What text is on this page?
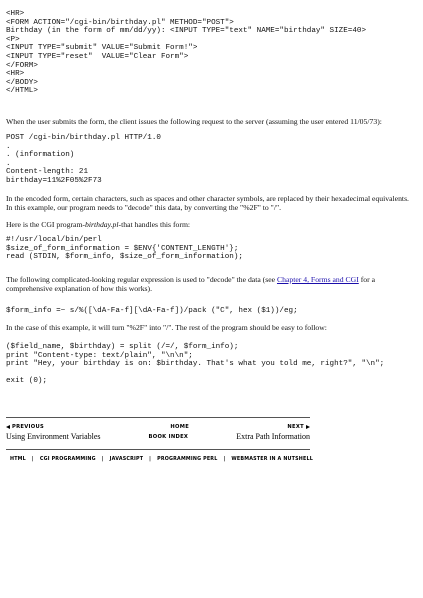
<HR>
<FORM ACTION="/cgi-bin/birthday.pl" METHOD="POST">
Birthday (in the form of mm/dd/yy): <INPUT TYPE="text" NAME="birthday" SIZE=40>
<P>
<INPUT TYPE="submit" VALUE="Submit Form!">
<INPUT TYPE="reset"  VALUE="Clear Form">
</FORM>
<HR>
</BODY>
</HTML>

When the user submits the form, the client issues the following request to the server (assuming the user entered 11/05/73):

POST /cgi-bin/birthday.pl HTTP/1.0
.
. (information)
.
Content-length: 21
birthday=11%2F05%2F73

In the encoded form, certain characters, such as spaces and other character symbols, are replaced by their hexadecimal equivalents. In this example, our program needs to "decode" this data, by converting the "%2F" to "/".

Here is the CGI program-birthday.pl-that handles this form:

#!/usr/local/bin/perl
$size_of_form_information = $ENV{'CONTENT_LENGTH'};
read (STDIN, $form_info, $size_of_form_information);

The following complicated-looking regular expression is used to "decode" the data (see Chapter 4, Forms and CGI for a comprehensive explanation of how this works).

$form_info =~ s/%([\dA-Fa-f][\dA-Fa-f])/pack ("C", hex ($1))/eg;

In the case of this example, it will turn "%2F" into "/". The rest of the program should be easy to follow:

($field_name, $birthday) = split (/=/, $form_info);
print "Content-type: text/plain", "\n\n";
print "Hey, your birthday is on: $birthday. That's what you told me, right?", "\n";

exit (0);
PREVIOUS	HOME	NEXT
Using Environment Variables	BOOK INDEX	Extra Path Information
HTML | CGI PROGRAMMING | JAVASCRIPT | PROGRAMMING PERL | WEBMASTER IN A NUTSHELL
